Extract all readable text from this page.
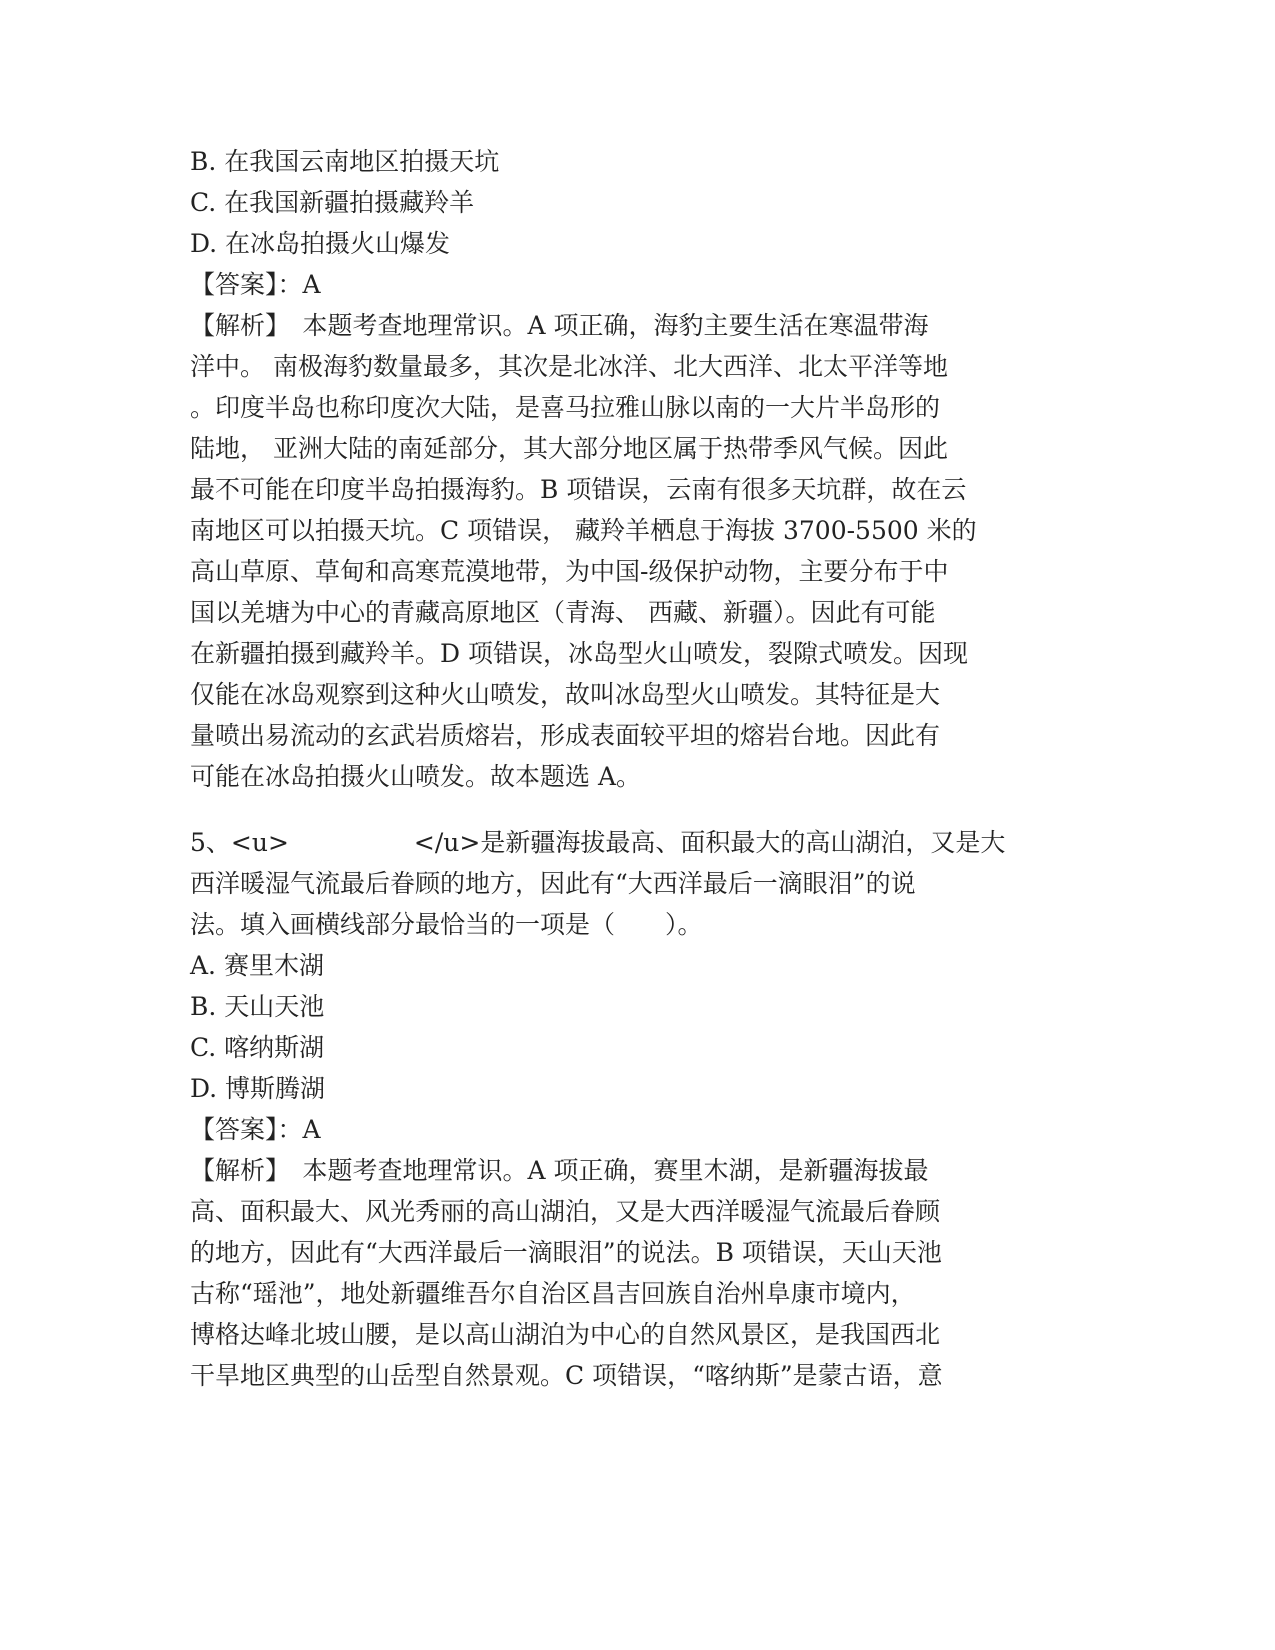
B. 在我国云南地区拍摄天坑
C. 在我国新疆拍摄藏羚羊
D. 在冰岛拍摄火山爆发
【答案】：A
【解析】　本题考查地理常识。A 项正确，海豹主要生活在寒温带海
洋中。 南极海豹数量最多，其次是北冰洋、北大西洋、北太平洋等地
。印度半岛也称印度次大陆，是喜马拉雅山脉以南的一大片半岛形的
陆地， 亚洲大陆的南延部分，其大部分地区属于热带季风气候。因此
最不可能在印度半岛拍摄海豹。B 项错误，云南有很多天坑群，故在云
南地区可以拍摄天坑。C 项错误， 藏羚羊栖息于海拔 3700-5500 米的
高山草原、草甸和高寒荒漠地带，为中国-级保护动物，主要分布于中
国以羌塘为中心的青藏高原地区（青海、 西藏、新疆）。因此有可能
在新疆拍摄到藏羚羊。D 项错误，冰岛型火山喷发，裂隙式喷发。因现
仅能在冰岛观察到这种火山喷发，故叫冰岛型火山喷发。其特征是大
量喷出易流动的玄武岩质熔岩，形成表面较平坦的熔岩台地。因此有
可能在冰岛拍摄火山喷发。故本题选 A。
5、<u>　　　　　</u>是新疆海拔最高、面积最大的高山湖泊，又是大
西洋暖湿气流最后眷顾的地方，因此有“大西洋最后一滴眼泪”的说
法。填入画横线部分最恰当的一项是（　　）。
A. 赛里木湖
B. 天山天池
C. 喀纳斯湖
D. 博斯腾湖
【答案】：A
【解析】　本题考查地理常识。A 项正确，赛里木湖，是新疆海拔最
高、面积最大、风光秀丽的高山湖泊，又是大西洋暖湿气流最后眷顾
的地方，因此有“大西洋最后一滴眼泪”的说法。B 项错误，天山天池
古称“瑶池”，地处新疆维吾尔自治区昌吉回族自治州阜康市境内，
博格达峰北坡山腰，是以高山湖泊为中心的自然风景区，是我国西北
干旱地区典型的山岳型自然景观。C 项错误，“喀纳斯”是蒙古语，意
